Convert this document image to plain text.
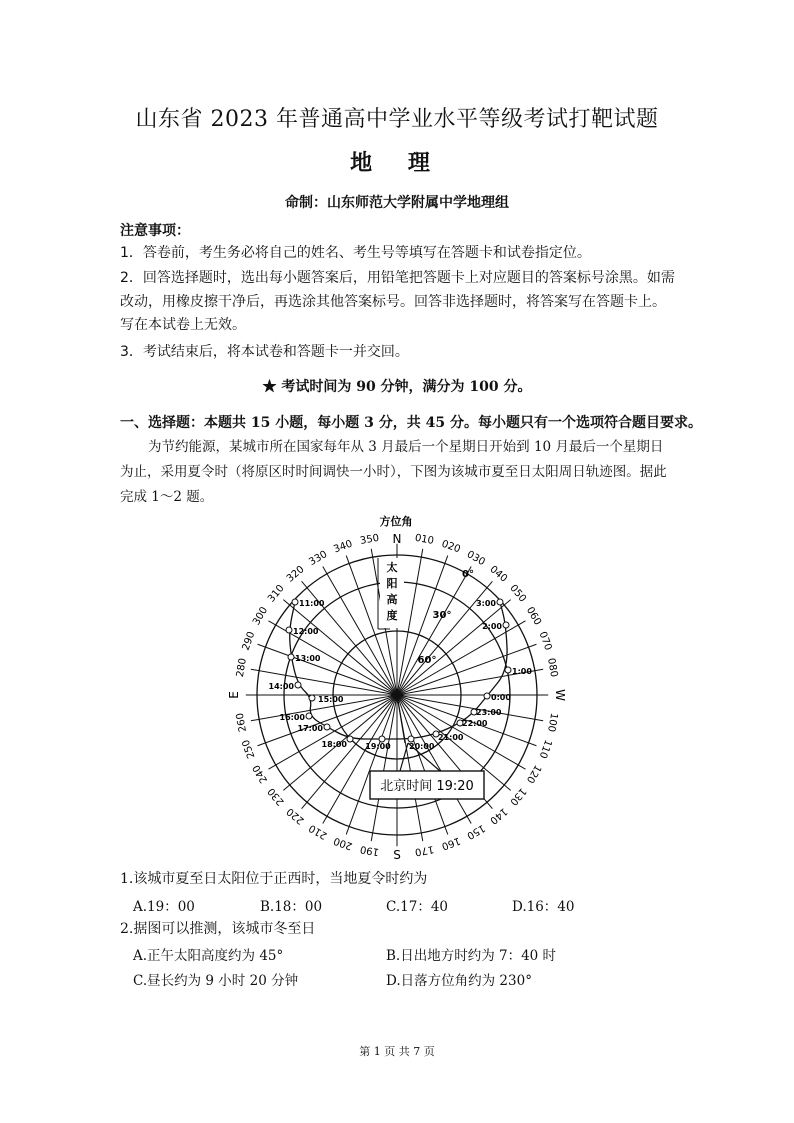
山东省 2023 年普通高中学业水平等级考试打靶试题
地 理
命制：山东师范大学附属中学地理组
注意事项：
1．答卷前，考生务必将自己的姓名、考生号等填写在答题卡和试卷指定位。
2．回答选择题时，选出每小题答案后，用铅笔把答题卡上对应题目的答案标号涂黑。如需改动，用橡皮擦干净后，再选涂其他答案标号。回答非选择题时，将答案写在答题卡上。写在本试卷上无效。
3．考试结束后，将本试卷和答题卡一并交回。
★ 考试时间为 90 分钟，满分为 100 分。
一、选择题：本题共 15 小题，每小题 3 分，共 45 分。每小题只有一个选项符合题目要求。
为节约能源，某城市所在国家每年从 3 月最后一个星期日开始到 10 月最后一个星期日为止，采用夏令时（将原区时时间调快一小时），下图为该城市夏至日太阳周日轨迹图。据此完成 1～2 题。
010 020
030
040
050
060
070
080
100
110
120
130
140
150
160
170
190
200
210
220
230
240
250
260
280
290
300
310
320
330
340 350
11:00
12:00
13:00
14:00
15:00
16:00
17:00
18:00 19:00 20:00
21:00
22:00
23:00
0:00
1:00
2:00
3:00
方位角
N
S
E	W
太
阳
高
度
0°
30°
60°
北京时间 19:20
1.该城市夏至日太阳位于正西时，当地夏令时约为
A.19：00	B.18：00	C.17：40	D.16：40
2.据图可以推测，该城市冬至日
A.正午太阳高度约为 45°	B.日出地方时约为 7：40 时
C.昼长约为 9 小时 20 分钟	D.日落方位角约为 230°
第 1 页 共 7 页
